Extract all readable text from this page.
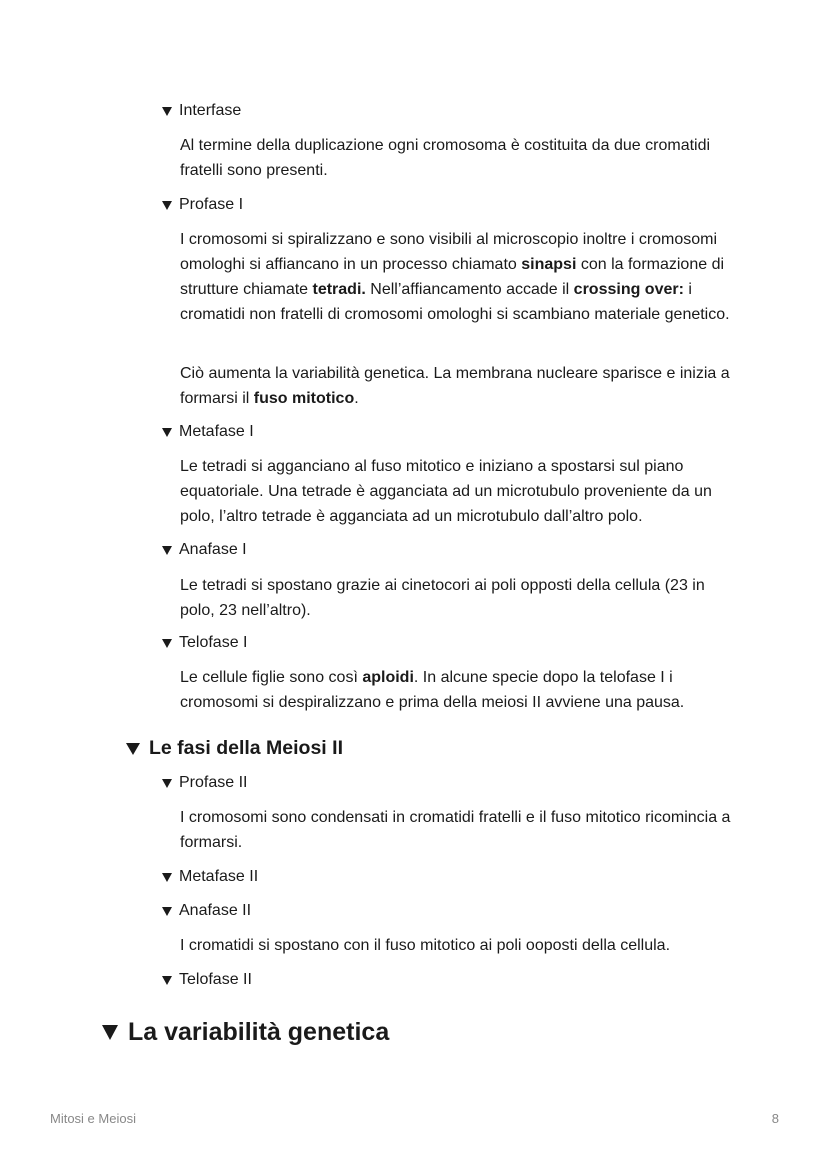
Interfase

Al termine della duplicazione ogni cromosoma è costituita da due cromatidi fratelli sono presenti.

Profase I

I cromosomi si spiralizzano e sono visibili al microscopio inoltre i cromosomi omologhi si affiancano in un processo chiamato sinapsi con la formazione di strutture chiamate tetradi. Nell’affiancamento accade il crossing over: i cromatidi non fratelli di cromosomi omologhi si scambiano materiale genetico.

Ciò aumenta la variabilità genetica. La membrana nucleare sparisce e inizia a formarsi il fuso mitotico.

Metafase I

Le tetradi si agganciano al fuso mitotico e iniziano a spostarsi sul piano equatoriale. Una tetrade è agganciata ad un microtubulo proveniente da un polo, l’altro tetrade è agganciata ad un microtubulo dall’altro polo.

Anafase I

Le tetradi si spostano grazie ai cinetocori ai poli opposti della cellula (23 in polo, 23 nell’altro).

Telofase I

Le cellule figlie sono così aploidi. In alcune specie dopo la telofase I i cromosomi si despiralizzano e prima della meiosi II avviene una pausa.

Le fasi della Meiosi II
Profase II

I cromosomi sono condensati in cromatidi fratelli e il fuso mitotico ricomincia a formarsi.

Metafase II
Anafase II

I cromatidi si spostano con il fuso mitotico ai poli ooposti della cellula.

Telofase II
La variabilità genetica
Mitosi e Meiosi	8
